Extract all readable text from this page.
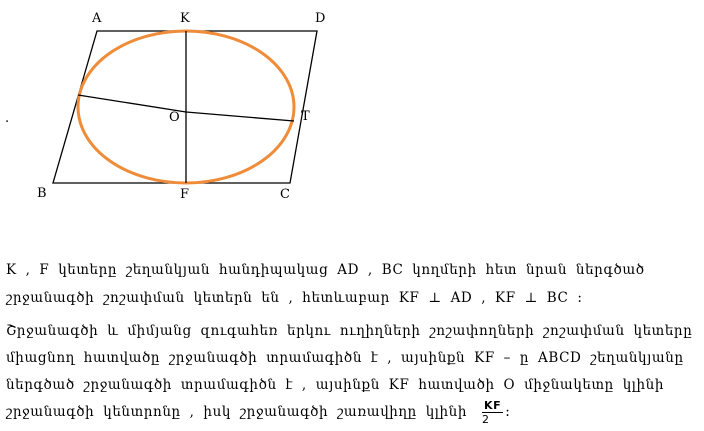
A	K	D
O	T
B	F	C
.
K , F կետերը շեղանկյան հանդիպակաց AD , BC կողմերի հետ նրան ներգծած
շրջանագծի շոշափման կետերն են , հետևաբար KF ⊥ AD , KF ⊥ BC :
Շրջանագծի և միմյանց զուգահեռ երկու ուղիղների շոշափողների շոշափման կետերը
միացնող հատվածը շրջանագծի տրամագիծն է , այսինքն KF – ը ABCD շեղանկյանը
ներգծած շրջանագծի տրամագիծն է , այսինքն KF հատվածի O միջնակետը կլինի
շրջանագծի կենտրոնը , իսկ շրջանագծի շառավիղը կլինի $\frac{KF}{2}$ :
